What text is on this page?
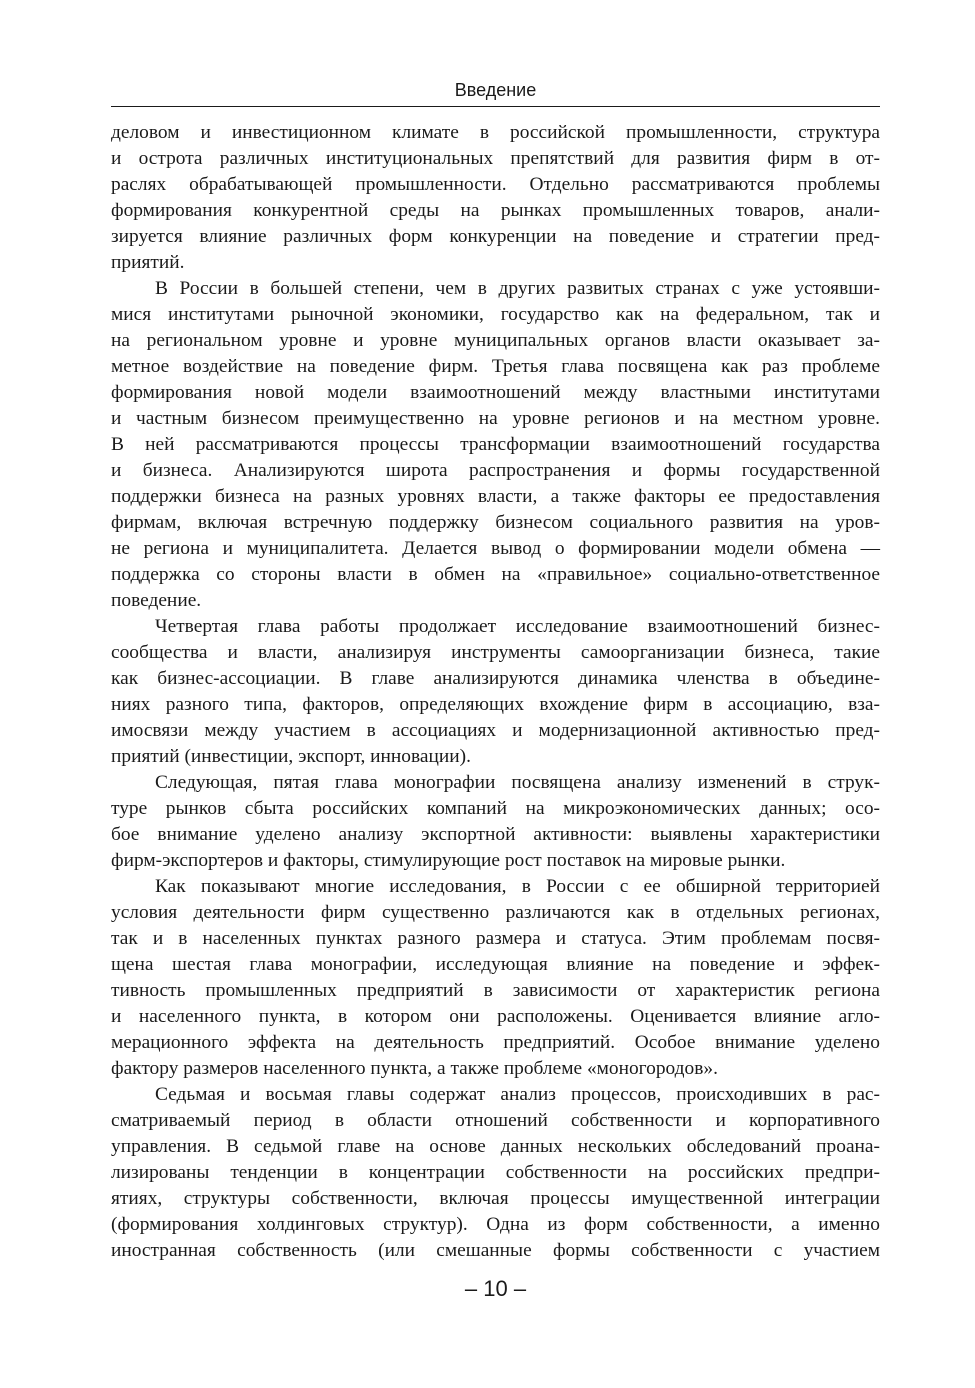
Введение
деловом и инвестиционном климате в российской промышленности, структура
и острота различных институциональных препятствий для развития фирм в от-
раслях обрабатывающей промышленности. Отдельно рассматриваются проблемы
формирования конкурентной среды на рынках промышленных товаров, анали-
зируется влияние различных форм конкуренции на поведение и стратегии пред-
приятий.
В России в большей степени, чем в других развитых странах с уже устоявши-
мися институтами рыночной экономики, государство как на федеральном, так и
на региональном уровне и уровне муниципальных органов власти оказывает за-
метное воздействие на поведение фирм. Третья глава посвящена как раз проблеме
формирования новой модели взаимоотношений между властными институтами
и частным бизнесом преимущественно на уровне регионов и на местном уровне.
В ней рассматриваются процессы трансформации взаимоотношений государства
и бизнеса. Анализируются широта распространения и формы государственной
поддержки бизнеса на разных уровнях власти, а также факторы ее предоставления
фирмам, включая встречную поддержку бизнесом социального развития на уров-
не региона и муниципалитета. Делается вывод о формировании модели обмена —
поддержка со стороны власти в обмен на «правильное» социально-ответственное
поведение.
Четвертая глава работы продолжает исследование взаимоотношений бизнес-
сообщества и власти, анализируя инструменты самоорганизации бизнеса, такие
как бизнес-ассоциации. В главе анализируются динамика членства в объедине-
ниях разного типа, факторов, определяющих вхождение фирм в ассоциацию, вза-
имосвязи между участием в ассоциациях и модернизационной активностью пред-
приятий (инвестиции, экспорт, инновации).
Следующая, пятая глава монографии посвящена анализу изменений в струк-
туре рынков сбыта российских компаний на микроэкономических данных; осо-
бое внимание уделено анализу экспортной активности: выявлены характеристики
фирм-экспортеров и факторы, стимулирующие рост поставок на мировые рынки.
Как показывают многие исследования, в России с ее обширной территорией
условия деятельности фирм существенно различаются как в отдельных регионах,
так и в населенных пунктах разного размера и статуса. Этим проблемам посвя-
щена шестая глава монографии, исследующая влияние на поведение и эффек-
тивность промышленных предприятий в зависимости от характеристик региона
и населенного пункта, в котором они расположены. Оценивается влияние агло-
мерационного эффекта на деятельность предприятий. Особое внимание уделено
фактору размеров населенного пункта, а также проблеме «моногородов».
Седьмая и восьмая главы содержат анализ процессов, происходивших в рас-
сматриваемый период в области отношений собственности и корпоративного
управления. В седьмой главе на основе данных нескольких обследований проана-
лизированы тенденции в концентрации собственности на российских предпри-
ятиях, структуры собственности, включая процессы имущественной интеграции
(формирования холдинговых структур). Одна из форм собственности, а именно
иностранная собственность (или смешанные формы собственности с участием
– 10 –
